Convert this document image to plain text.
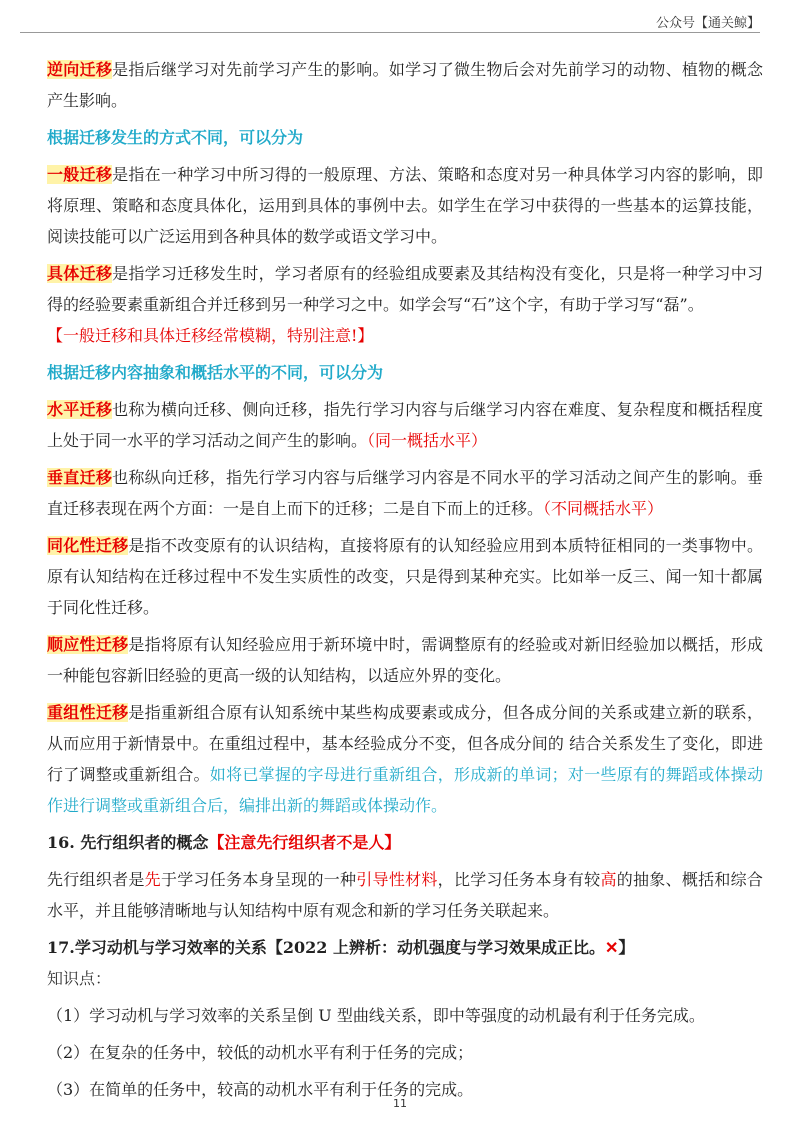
公众号【通关鲸】

逆向迁移是指后继学习对先前学习产生的影响。如学习了微生物后会对先前学习的动物、植物的概念产生影响。

根据迁移发生的方式不同，可以分为

一般迁移是指在一种学习中所习得的一般原理、方法、策略和态度对另一种具体学习内容的影响，即将原理、策略和态度具体化，运用到具体的事例中去。如学生在学习中获得的一些基本的运算技能，阅读技能可以广泛运用到各种具体的数学或语文学习中。

具体迁移是指学习迁移发生时，学习者原有的经验组成要素及其结构没有变化，只是将一种学习中习得的经验要素重新组合并迁移到另一种学习之中。如学会写“石”这个字，有助于学习写“磊”。

【一般迁移和具体迁移经常模糊，特别注意!】

根据迁移内容抽象和概括水平的不同，可以分为

水平迁移也称为横向迁移、侧向迁移，指先行学习内容与后继学习内容在难度、复杂程度和概括程度上处于同一水平的学习活动之间产生的影响。（同一概括水平）

垂直迁移也称纵向迁移，指先行学习内容与后继学习内容是不同水平的学习活动之间产生的影响。垂直迁移表现在两个方面：一是自上而下的迁移；二是自下而上的迁移。（不同概括水平）

同化性迁移是指不改变原有的认识结构，直接将原有的认知经验应用到本质特征相同的一类事物中。原有认知结构在迁移过程中不发生实质性的改变，只是得到某种充实。比如举一反三、闻一知十都属于同化性迁移。

顺应性迁移是指将原有认知经验应用于新环境中时，需调整原有的经验或对新旧经验加以概括，形成一种能包容新旧经验的更高一级的认知结构，以适应外界的变化。

重组性迁移是指重新组合原有认知系统中某些构成要素或成分，但各成分间的关系或建立新的联系，从而应用于新情景中。在重组过程中，基本经验成分不变，但各成分间的 结合关系发生了变化，即进行了调整或重新组合。如将已掌握的字母进行重新组合，形成新的单词；对一些原有的舞蹈或体操动作进行调整或重新组合后，编排出新的舞蹈或体操动作。

16. 先行组织者的概念【注意先行组织者不是人】

先行组织者是先于学习任务本身呈现的一种引导性材料，比学习任务本身有较高的抽象、概括和综合水平，并且能够清晰地与认知结构中原有观念和新的学习任务关联起来。

17.学习动机与学习效率的关系【2022 上辨析：动机强度与学习效果成正比。✕】

知识点：

（1）学习动机与学习效率的关系呈倒 U 型曲线关系，即中等强度的动机最有利于任务完成。

（2）在复杂的任务中，较低的动机水平有利于任务的完成；

（3）在简单的任务中，较高的动机水平有利于任务的完成。

11
